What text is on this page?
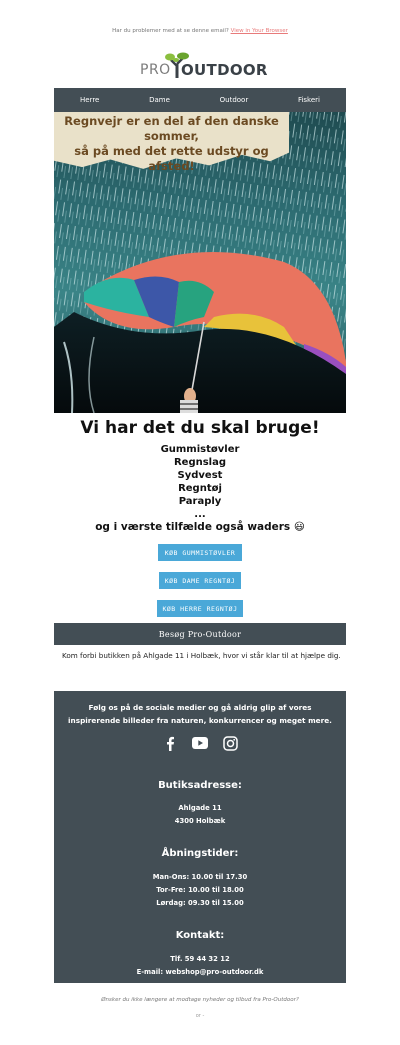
Har du problemer med at se denne email? View in Your Browser
PRO OUTDOOR
Herre	Dame	Outdoor	Fiskeri
Regnvejr er en del af den danske sommer,
så på med det rette udstyr og afsted!
Vi har det du skal bruge!
Gummistøvler
Regnslag
Sydvest
Regntøj
Paraply
...
og i værste tilfælde også waders 😃
KØB GUMMISTØVLER
KØB DAME REGNTØJ
KØB HERRE REGNTØJ
Besøg Pro-Outdoor
Kom forbi butikken på Ahlgade 11 i Holbæk, hvor vi står klar til at hjælpe dig.
Følg os på de sociale medier og gå aldrig glip af vores inspirerende billeder fra naturen, konkurrencer og meget mere.
Butiksadresse:
Ahlgade 11
4300 Holbæk
Åbningstider:
Man-Ons: 10.00 til 17.30
Tor-Fre: 10.00 til 18.00
Lørdag: 09.30 til 15.00
Kontakt:
Tlf. 59 44 32 12
E-mail: webshop@pro-outdoor.dk
Ønsker du ikke længere at modtage nyheder og tilbud fra Pro-Outdoor?
or -
